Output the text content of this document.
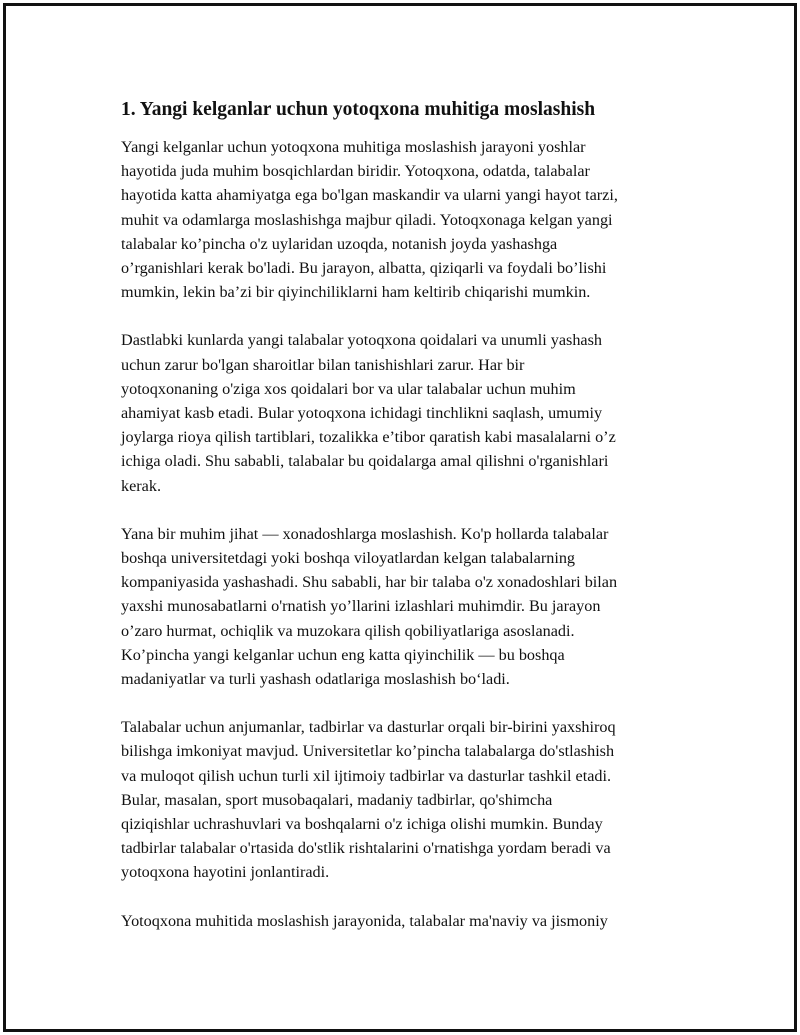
1. Yangi kelganlar uchun yotoqxona muhitiga moslashish

Yangi kelganlar uchun yotoqxona muhitiga moslashish jarayoni yoshlar
hayotida juda muhim bosqichlardan biridir. Yotoqxona, odatda, talabalar
hayotida katta ahamiyatga ega bo'lgan maskandir va ularni yangi hayot tarzi,
muhit va odamlarga moslashishga majbur qiladi. Yotoqxonaga kelgan yangi
talabalar ko’pincha o'z uylaridan uzoqda, notanish joyda yashashga
o’rganishlari kerak bo'ladi. Bu jarayon, albatta, qiziqarli va foydali bo’lishi
mumkin, lekin ba’zi bir qiyinchiliklarni ham keltirib chiqarishi mumkin.

Dastlabki kunlarda yangi talabalar yotoqxona qoidalari va unumli yashash
uchun zarur bo'lgan sharoitlar bilan tanishishlari zarur. Har bir
yotoqxonaning o'ziga xos qoidalari bor va ular talabalar uchun muhim
ahamiyat kasb etadi. Bular yotoqxona ichidagi tinchlikni saqlash, umumiy
joylarga rioya qilish tartiblari, tozalikka e’tibor qaratish kabi masalalarni o’z
ichiga oladi. Shu sababli, talabalar bu qoidalarga amal qilishni o'rganishlari
kerak.

Yana bir muhim jihat — xonadoshlarga moslashish. Ko'p hollarda talabalar
boshqa universitetdagi yoki boshqa viloyatlardan kelgan talabalarning
kompaniyasida yashashadi. Shu sababli, har bir talaba o'z xonadoshlari bilan
yaxshi munosabatlarni o'rnatish yo’llarini izlashlari muhimdir. Bu jarayon
o’zaro hurmat, ochiqlik va muzokara qilish qobiliyatlariga asoslanadi.
Ko’pincha yangi kelganlar uchun eng katta qiyinchilik — bu boshqa
madaniyatlar va turli yashash odatlariga moslashish bo‘ladi.

Talabalar uchun anjumanlar, tadbirlar va dasturlar orqali bir-birini yaxshiroq
bilishga imkoniyat mavjud. Universitetlar ko’pincha talabalarga do'stlashish
va muloqot qilish uchun turli xil ijtimoiy tadbirlar va dasturlar tashkil etadi.
Bular, masalan, sport musobaqalari, madaniy tadbirlar, qo'shimcha
qiziqishlar uchrashuvlari va boshqalarni o'z ichiga olishi mumkin. Bunday
tadbirlar talabalar o'rtasida do'stlik rishtalarini o'rnatishga yordam beradi va
yotoqxona hayotini jonlantiradi.

Yotoqxona muhitida moslashish jarayonida, talabalar ma'naviy va jismoniy
